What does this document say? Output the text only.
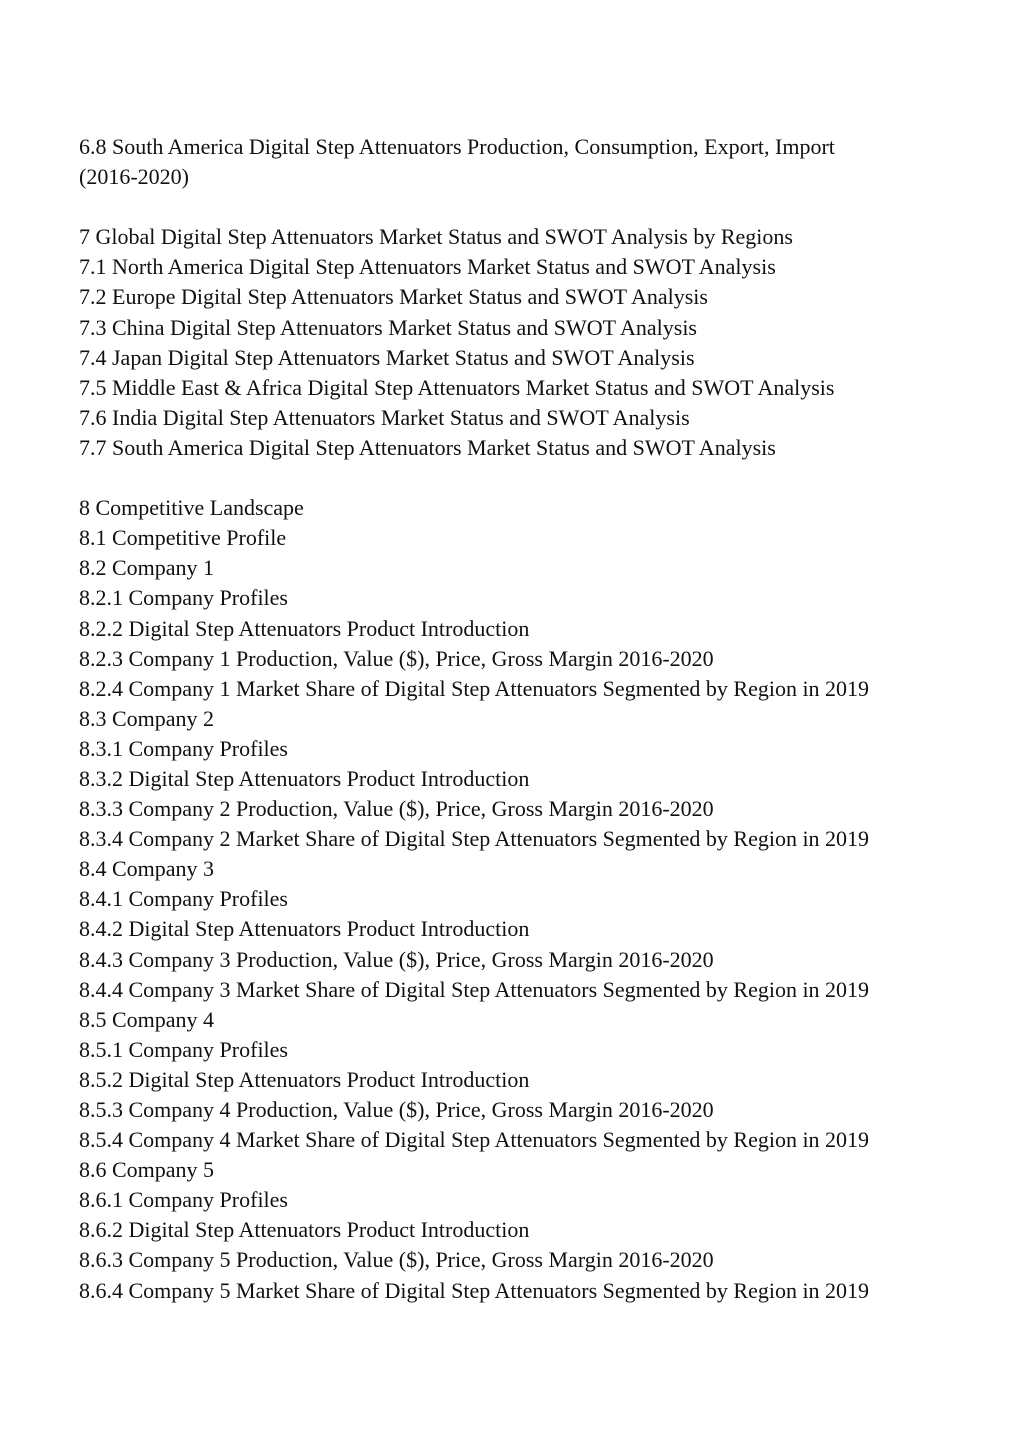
6.8 South America Digital Step Attenuators Production, Consumption, Export, Import
(2016-2020)
7 Global Digital Step Attenuators Market Status and SWOT Analysis by Regions
7.1 North America Digital Step Attenuators Market Status and SWOT Analysis
7.2 Europe Digital Step Attenuators Market Status and SWOT Analysis
7.3 China Digital Step Attenuators Market Status and SWOT Analysis
7.4 Japan Digital Step Attenuators Market Status and SWOT Analysis
7.5 Middle East & Africa Digital Step Attenuators Market Status and SWOT Analysis
7.6 India Digital Step Attenuators Market Status and SWOT Analysis
7.7 South America Digital Step Attenuators Market Status and SWOT Analysis
8 Competitive Landscape
8.1 Competitive Profile
8.2 Company 1
8.2.1 Company Profiles
8.2.2 Digital Step Attenuators Product Introduction
8.2.3 Company 1 Production, Value ($), Price, Gross Margin 2016-2020
8.2.4 Company 1 Market Share of Digital Step Attenuators Segmented by Region in 2019
8.3 Company 2
8.3.1 Company Profiles
8.3.2 Digital Step Attenuators Product Introduction
8.3.3 Company 2 Production, Value ($), Price, Gross Margin 2016-2020
8.3.4 Company 2 Market Share of Digital Step Attenuators Segmented by Region in 2019
8.4 Company 3
8.4.1 Company Profiles
8.4.2 Digital Step Attenuators Product Introduction
8.4.3 Company 3 Production, Value ($), Price, Gross Margin 2016-2020
8.4.4 Company 3 Market Share of Digital Step Attenuators Segmented by Region in 2019
8.5 Company 4
8.5.1 Company Profiles
8.5.2 Digital Step Attenuators Product Introduction
8.5.3 Company 4 Production, Value ($), Price, Gross Margin 2016-2020
8.5.4 Company 4 Market Share of Digital Step Attenuators Segmented by Region in 2019
8.6 Company 5
8.6.1 Company Profiles
8.6.2 Digital Step Attenuators Product Introduction
8.6.3 Company 5 Production, Value ($), Price, Gross Margin 2016-2020
8.6.4 Company 5 Market Share of Digital Step Attenuators Segmented by Region in 2019
